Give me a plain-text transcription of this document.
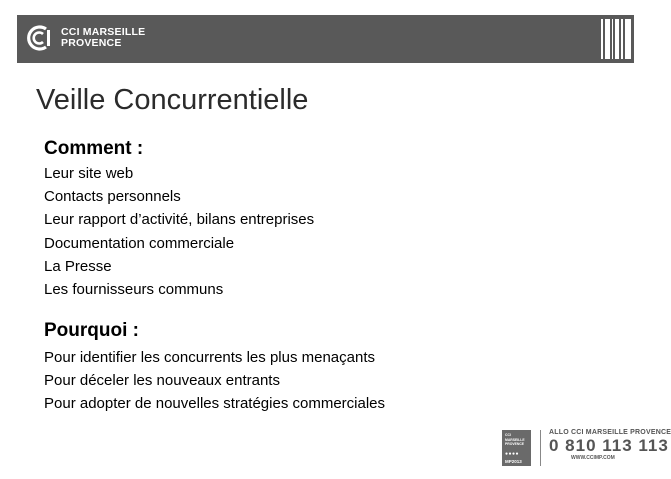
CCI MARSEILLE
PROVENCE
Veille Concurrentielle
Comment :
Leur site web
Contacts personnels
Leur rapport d’activité, bilans entreprises
Documentation commerciale
La Presse
Les fournisseurs communs
Pourquoi :
Pour identifier les concurrents les plus menaçants
Pour déceler les nouveaux entrants
Pour adopter de nouvelles stratégies commerciales
CCI
MARSEILLE
PROVENCE
●●●●
MP2013
ALLO CCI MARSEILLE PROVENCE
0 810 113 113
WWW.CCIMP.COM
